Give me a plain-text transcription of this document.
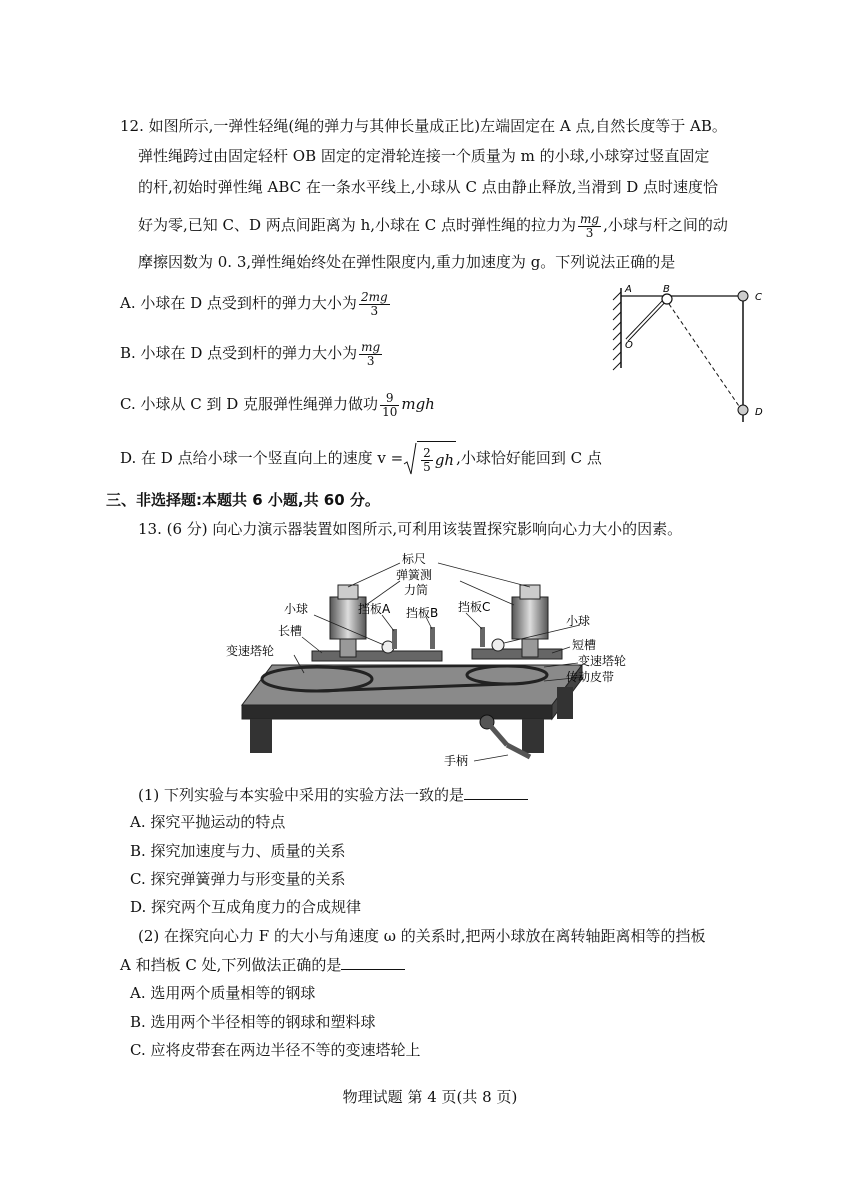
12. 如图所示,一弹性轻绳(绳的弹力与其伸长量成正比)左端固定在 A 点,自然长度等于 AB。
弹性绳跨过由固定轻杆 OB 固定的定滑轮连接一个质量为 m 的小球,小球穿过竖直固定
的杆,初始时弹性绳 ABC 在一条水平线上,小球从 C 点由静止释放,当滑到 D 点时速度恰
好为零,已知 C、D 两点间距离为 h,小球在 C 点时弹性绳的拉力为 $\frac{mg}{3}$ ,小球与杆之间的动
摩擦因数为 0. 3,弹性绳始终处在弹性限度内,重力加速度为 g。下列说法正确的是
A. 小球在 D 点受到杆的弹力大小为 $\frac{2mg}{3}$
B. 小球在 D 点受到杆的弹力大小为 $\frac{mg}{3}$
C. 小球从 C 到 D 克服弹性绳弹力做功 $\frac{9}{10}$ mgh
D. 在 D 点给小球一个竖直向上的速度 $v = \frac{2}{5}$ gh ,小球恰好能回到 C 点
A	B
C
D
O
三、非选择题:本题共 6 小题,共 60 分。
13. (6 分) 向心力演示器装置如图所示,可利用该装置探究影响向心力大小的因素。
标尺
弹簧测
力筒
小球	挡板A 挡板B 挡板C
小球
长槽
短槽
变速塔轮
变速塔轮
传动皮带
手柄
(1) 下列实验与本实验中采用的实验方法一致的是
A. 探究平抛运动的特点
B. 探究加速度与力、质量的关系
C. 探究弹簧弹力与形变量的关系
D. 探究两个互成角度力的合成规律
(2) 在探究向心力 F 的大小与角速度 ω 的关系时,把两小球放在离转轴距离相等的挡板
A 和挡板 C 处,下列做法正确的是
A. 选用两个质量相等的钢球
B. 选用两个半径相等的钢球和塑料球
C. 应将皮带套在两边半径不等的变速塔轮上
物理试题 第 4 页(共 8 页)
